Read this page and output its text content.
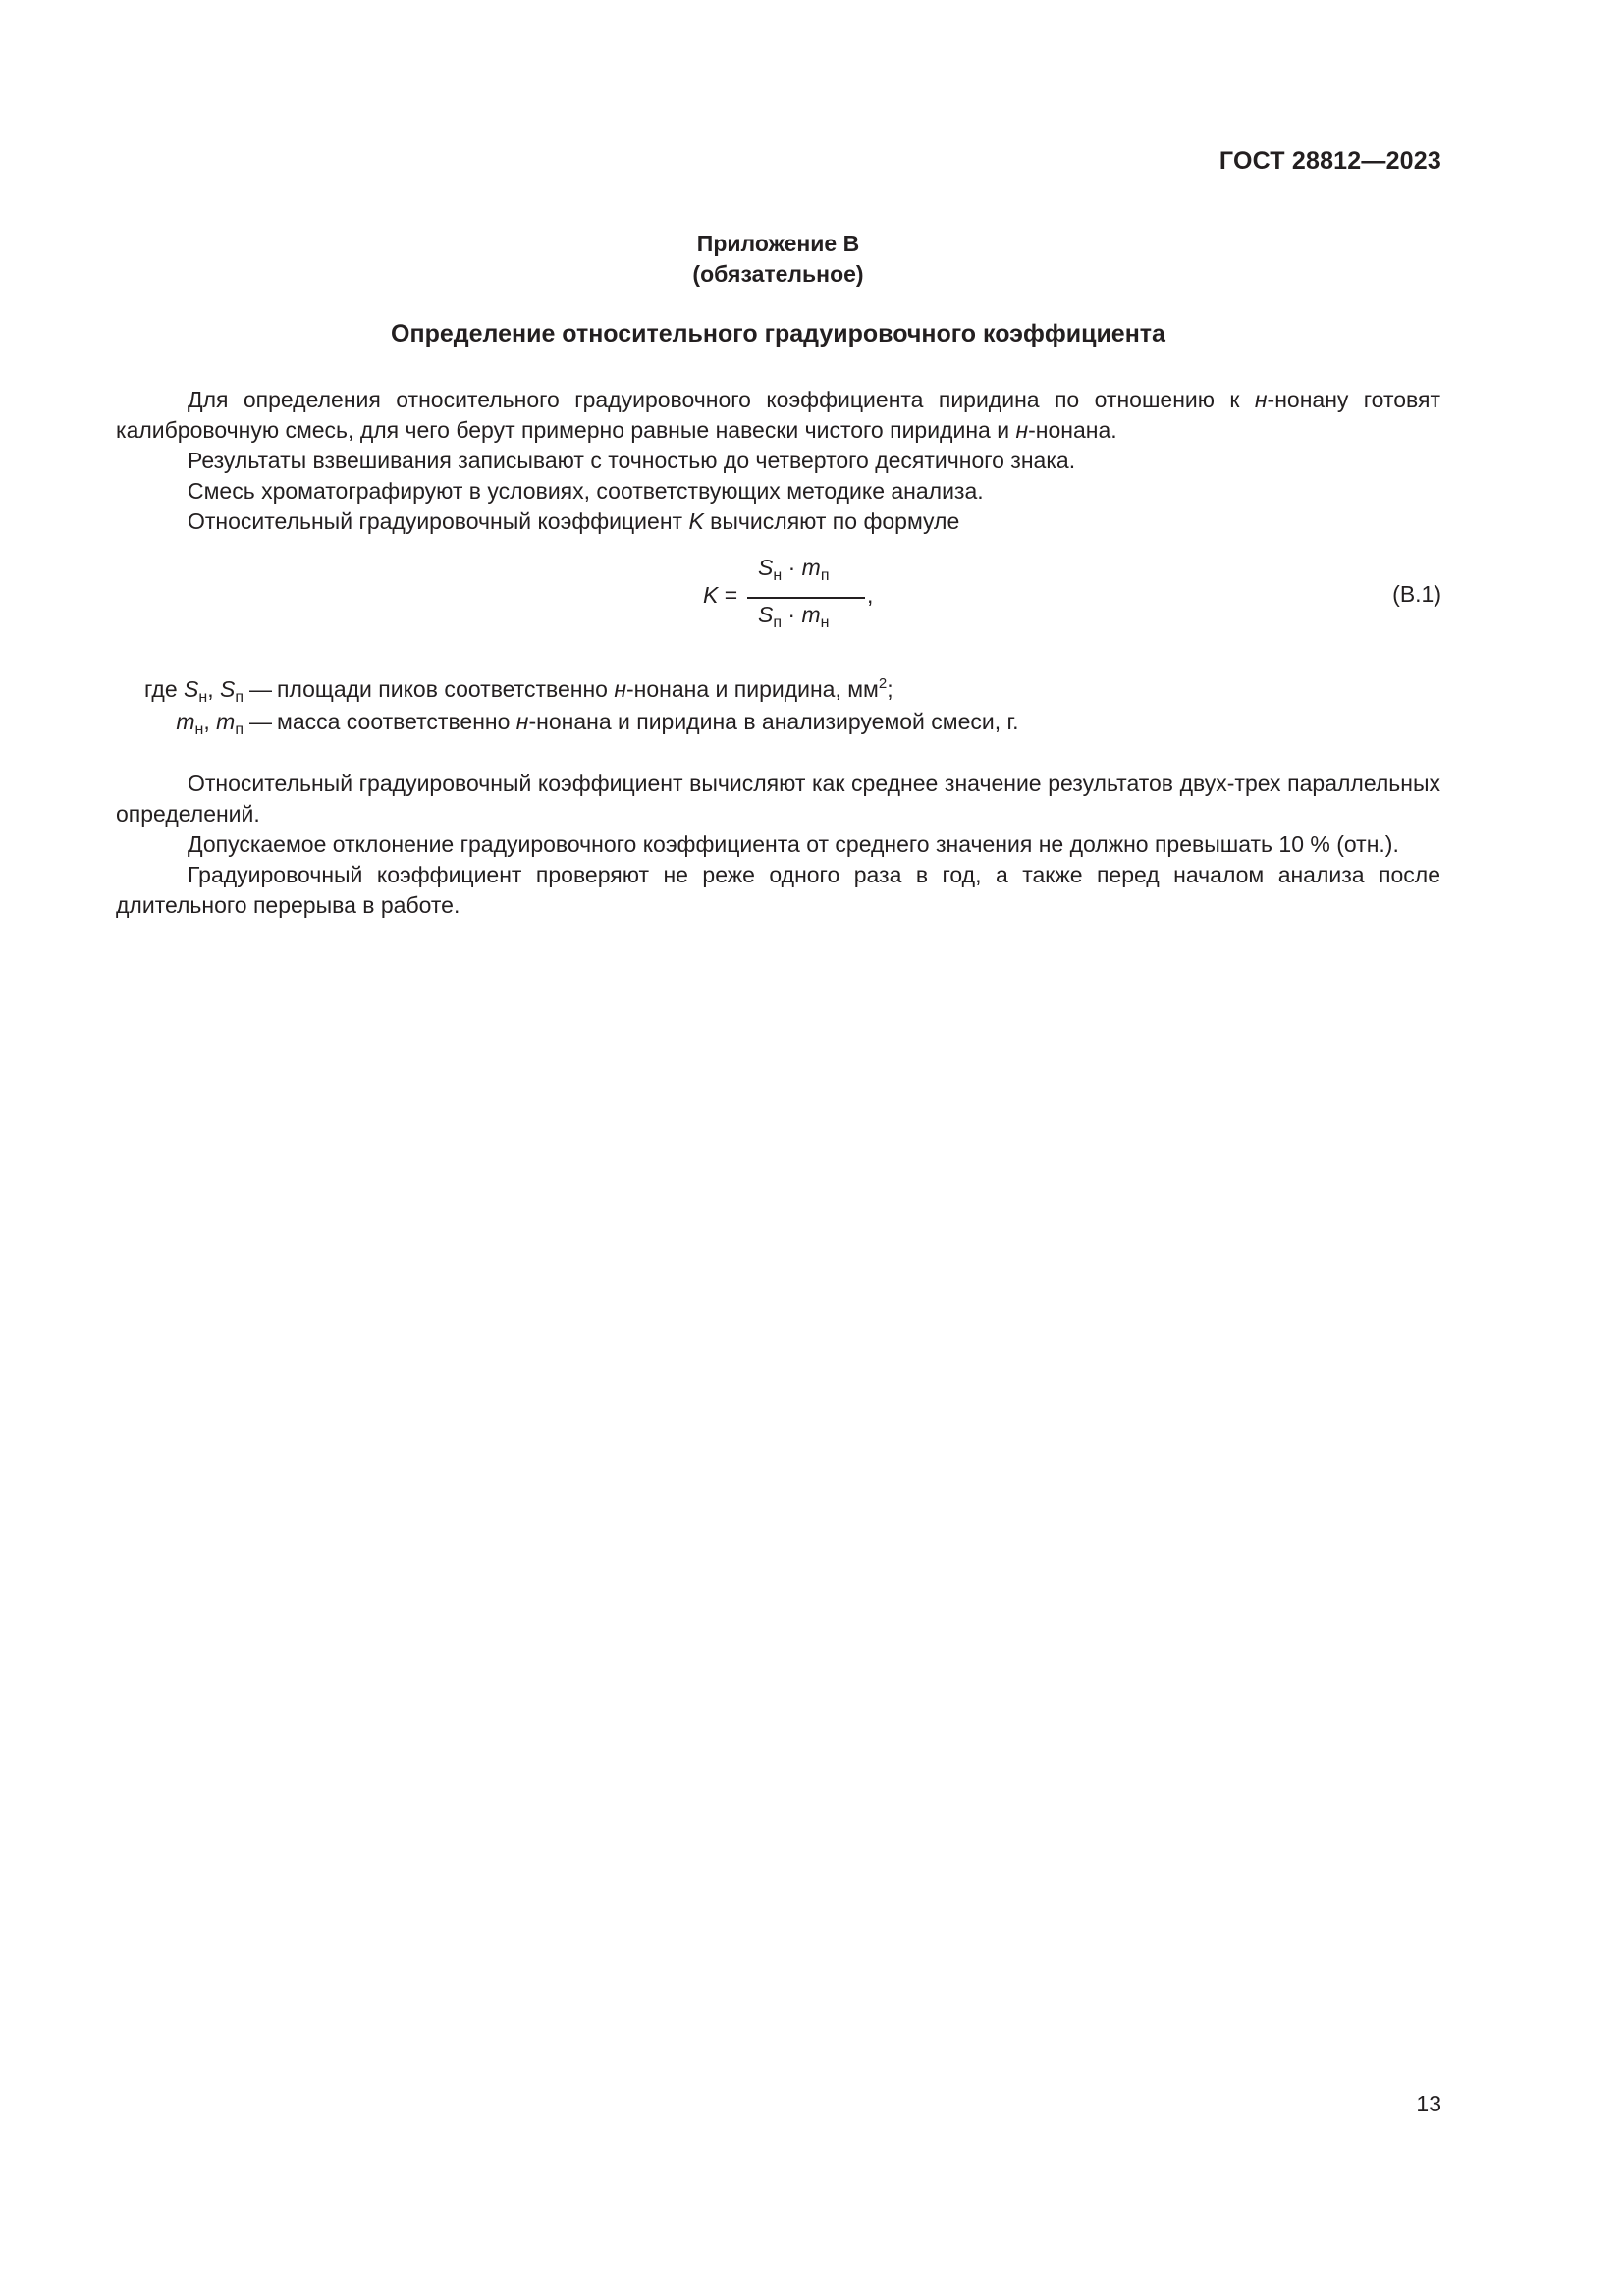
ГОСТ 28812—2023
Приложение В
(обязательное)
Определение относительного градуировочного коэффициента

Для определения относительного градуировочного коэффициента пиридина по отношению к н-нонану готовят калибровочную смесь, для чего берут примерно равные навески чистого пиридина и н-нонана.

Результаты взвешивания записывают с точностью до четвертого десятичного знака.

Смесь хроматографируют в условиях, соответствующих методике анализа.

Относительный градуировочный коэффициент K вычисляют по формуле

K =
$S_н \cdot m_п$
$S_п \cdot m_н$
,	(В.1)
где $S_н$, $S_п$ — площади пиков соответственно н-нонана и пиридина, $мм^2$;
$m_н$, $m_п$ — масса соответственно н-нонана и пиридина в анализируемой смеси, г.

Относительный градуировочный коэффициент вычисляют как среднее значение результатов двух-трех параллельных определений.

Допускаемое отклонение градуировочного коэффициента от среднего значения не должно превышать 10 % (отн.).

Градуировочный коэффициент проверяют не реже одного раза в год, а также перед началом анализа после длительного перерыва в работе.

13
